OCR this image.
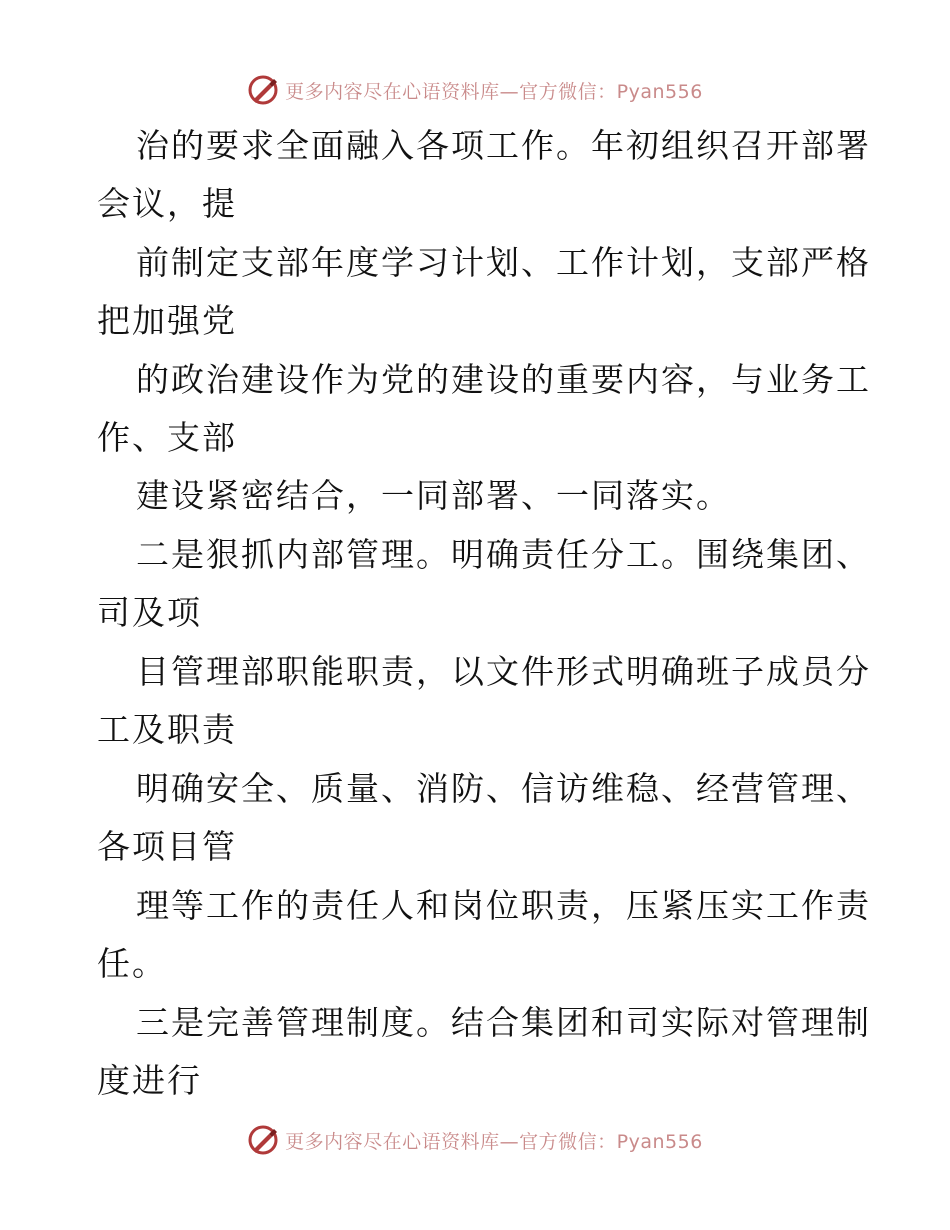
更多内容尽在心语资料库—官方微信：Pyan556
治的要求全面融入各项工作。年初组织召开部署
会议，提
前制定支部年度学习计划、工作计划，支部严格
把加强党
的政治建设作为党的建设的重要内容，与业务工
作、支部
建设紧密结合，一同部署、一同落实。
二是狠抓内部管理。明确责任分工。围绕集团、
司及项
目管理部职能职责，以文件形式明确班子成员分
工及职责
明确安全、质量、消防、信访维稳、经营管理、
各项目管
理等工作的责任人和岗位职责，压紧压实工作责
任。
三是完善管理制度。结合集团和司实际对管理制
度进行
更多内容尽在心语资料库—官方微信：Pyan556
